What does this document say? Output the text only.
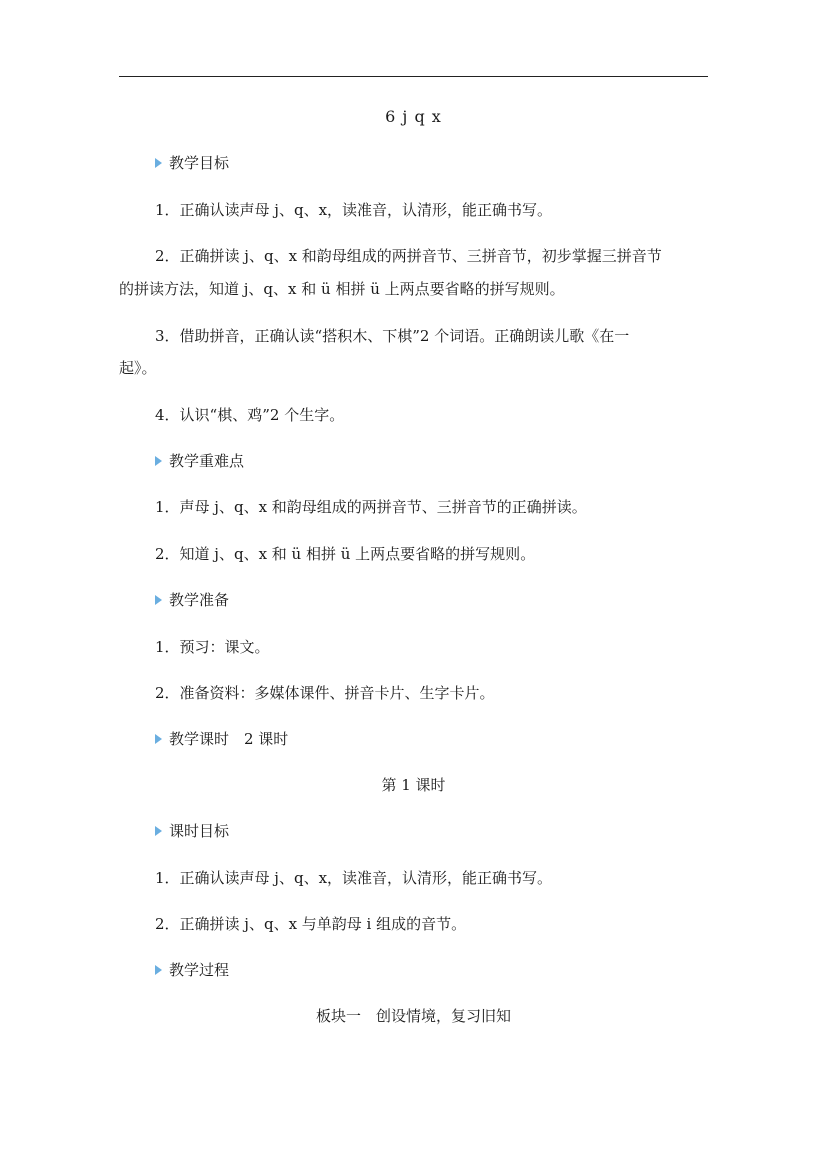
6 j q x
教学目标
1．正确认读声母 j、q、x，读准音，认清形，能正确书写。
2．正确拼读 j、q、x 和韵母组成的两拼音节、三拼音节，初步掌握三拼音节
的拼读方法，知道 j、q、x 和 ü 相拼 ü 上两点要省略的拼写规则。
3．借助拼音，正确认读“搭积木、下棋”2 个词语。正确朗读儿歌《在一
起》。
4．认识“棋、鸡”2 个生字。
教学重难点
1．声母 j、q、x 和韵母组成的两拼音节、三拼音节的正确拼读。
2．知道 j、q、x 和 ü 相拼 ü 上两点要省略的拼写规则。
教学准备
1．预习：课文。
2．准备资料：多媒体课件、拼音卡片、生字卡片。
教学课时　2 课时
第 1 课时
课时目标
1．正确认读声母 j、q、x，读准音，认清形，能正确书写。
2．正确拼读 j、q、x 与单韵母 i 组成的音节。
教学过程
板块一　创设情境，复习旧知
